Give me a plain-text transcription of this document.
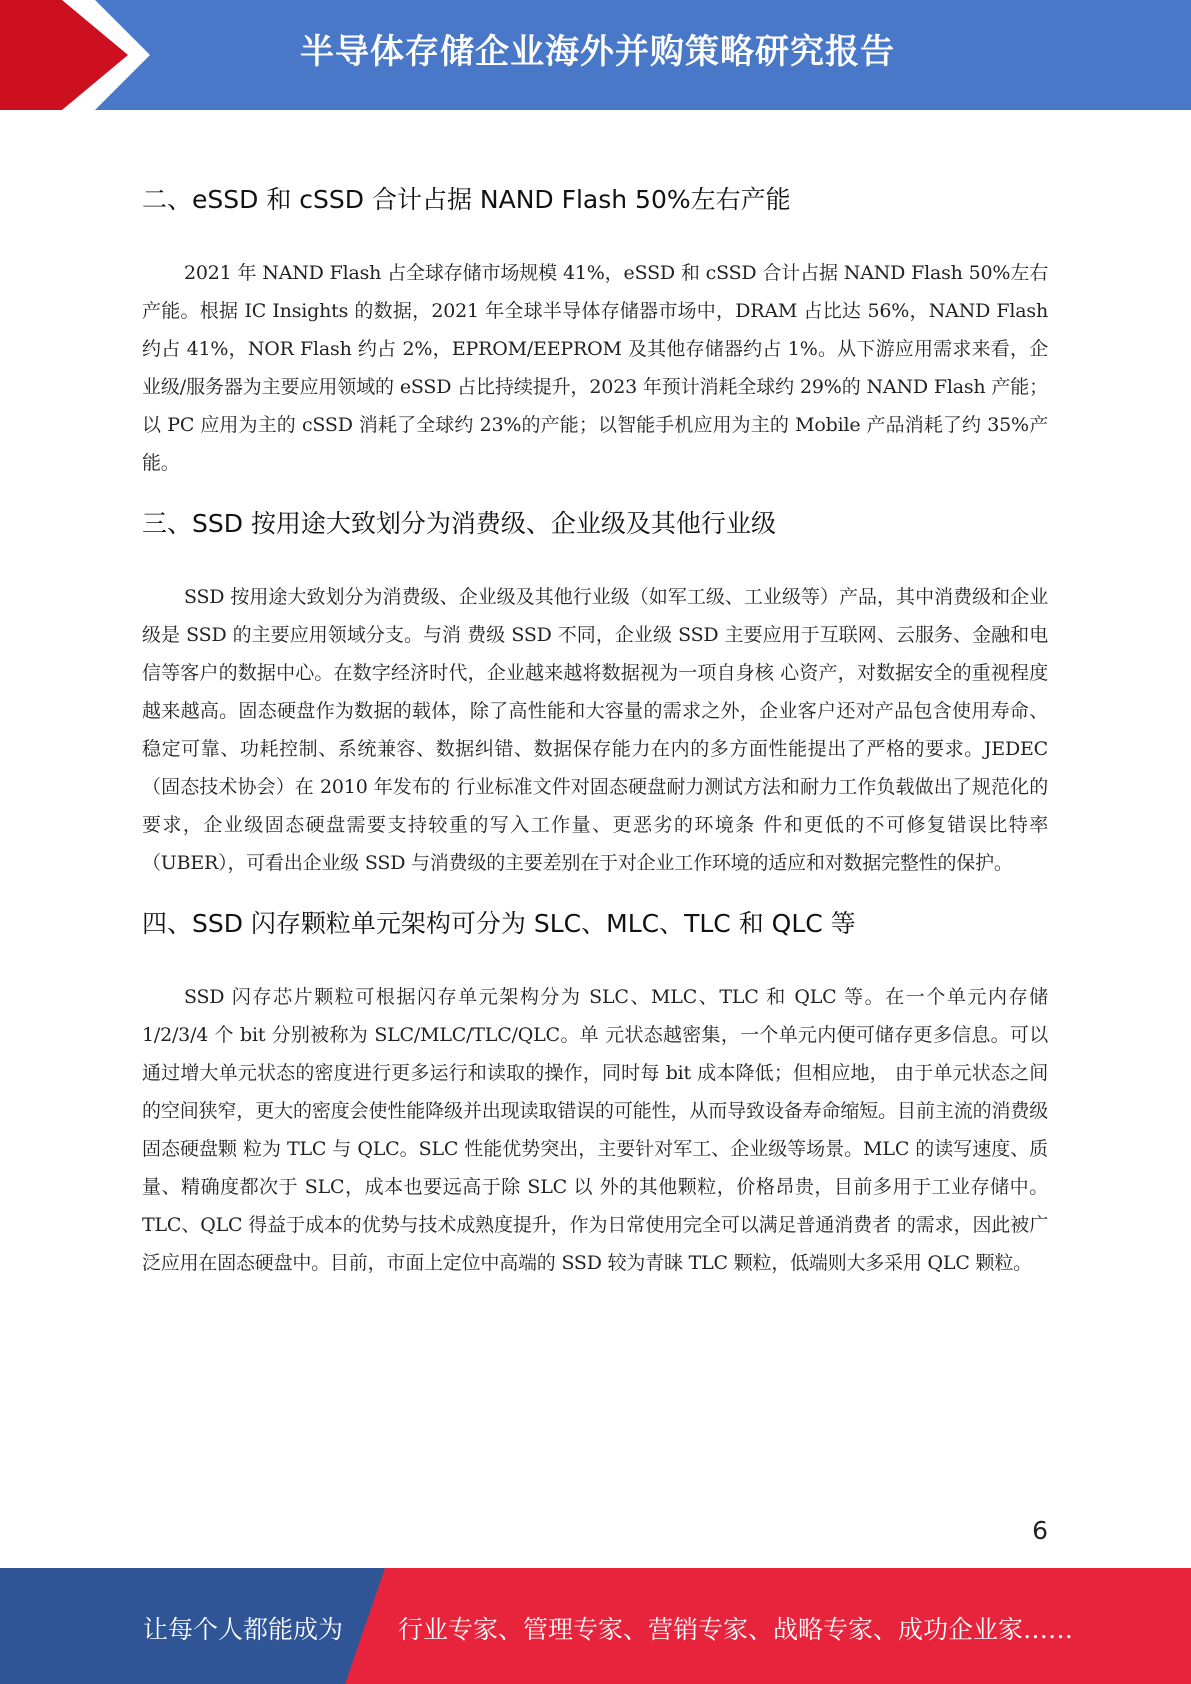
半导体存储企业海外并购策略研究报告
二、eSSD 和 cSSD 合计占据 NAND Flash 50%左右产能

2021 年 NAND Flash 占全球存储市场规模 41%，eSSD 和 cSSD 合计占据 NAND Flash 50%左右产能。根据 IC Insights 的数据，2021 年全球半导体存储器市场中，DRAM 占比达 56%，NAND Flash 约占 41%，NOR Flash 约占 2%，EPROM/EEPROM 及其他存储器约占 1%。从下游应用需求来看，企业级/服务器为主要应用领域的 eSSD 占比持续提升，2023 年预计消耗全球约 29%的 NAND Flash 产能； 以 PC 应用为主的 cSSD 消耗了全球约 23%的产能；以智能手机应用为主的 Mobile 产品消耗了约 35%产能。

三、SSD 按用途大致划分为消费级、企业级及其他行业级

SSD 按用途大致划分为消费级、企业级及其他行业级（如军工级、工业级等）产品，其中消费级和企业级是 SSD 的主要应用领域分支。与消 费级 SSD 不同，企业级 SSD 主要应用于互联网、云服务、金融和电信等客户的数据中心。在数字经济时代，企业越来越将数据视为一项自身核 心资产，对数据安全的重视程度越来越高。固态硬盘作为数据的载体，除了高性能和大容量的需求之外，企业客户还对产品包含使用寿命、 稳定可靠、功耗控制、系统兼容、数据纠错、数据保存能力在内的多方面性能提出了严格的要求。JEDEC（固态技术协会）在 2010 年发布的 行业标准文件对固态硬盘耐力测试方法和耐力工作负载做出了规范化的要求，企业级固态硬盘需要支持较重的写入工作量、更恶劣的环境条 件和更低的不可修复错误比特率（UBER），可看出企业级 SSD 与消费级的主要差别在于对企业工作环境的适应和对数据完整性的保护。

四、SSD 闪存颗粒单元架构可分为 SLC、MLC、TLC 和 QLC 等

SSD 闪存芯片颗粒可根据闪存单元架构分为 SLC、MLC、TLC 和 QLC 等。在一个单元内存储 1/2/3/4 个 bit 分别被称为 SLC/MLC/TLC/QLC。单 元状态越密集，一个单元内便可储存更多信息。可以通过增大单元状态的密度进行更多运行和读取的操作，同时每 bit 成本降低；但相应地， 由于单元状态之间的空间狭窄，更大的密度会使性能降级并出现读取错误的可能性，从而导致设备寿命缩短。目前主流的消费级固态硬盘颗 粒为 TLC 与 QLC。SLC 性能优势突出，主要针对军工、企业级等场景。MLC 的读写速度、质量、精确度都次于 SLC，成本也要远高于除 SLC 以 外的其他颗粒，价格昂贵，目前多用于工业存储中。TLC、QLC 得益于成本的优势与技术成熟度提升，作为日常使用完全可以满足普通消费者 的需求，因此被广泛应用在固态硬盘中。目前，市面上定位中高端的 SSD 较为青睐 TLC 颗粒，低端则大多采用 QLC 颗粒。

6
让每个人都能成为 行业专家、管理专家、营销专家、战略专家、成功企业家……
